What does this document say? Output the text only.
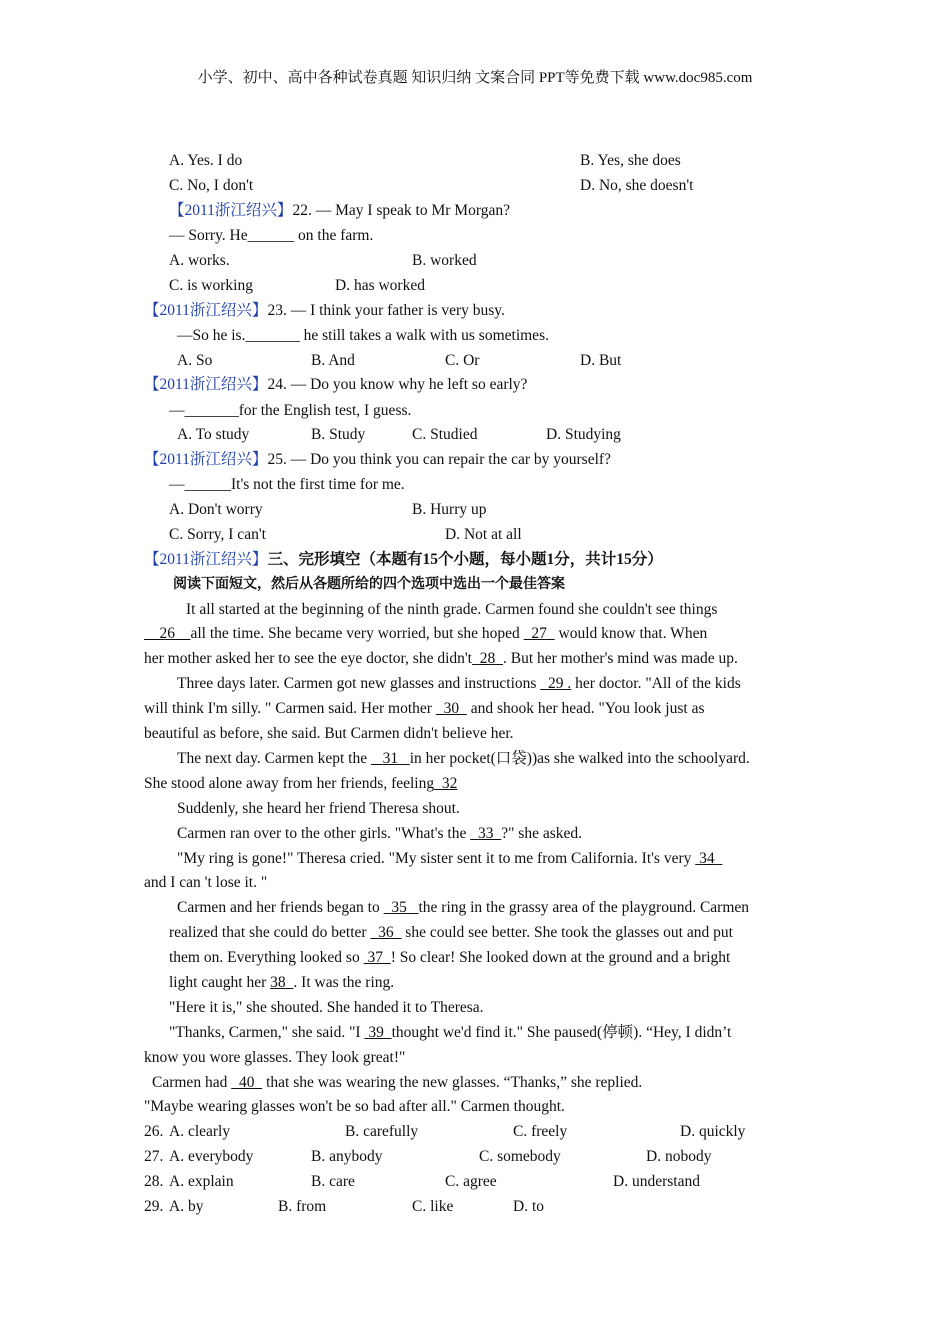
小学、初中、高中各种试卷真题 知识归纳 文案合同 PPT等免费下载 www.doc985.com
A. Yes. I do	B. Yes, she does
C. No, I don't	D. No, she doesn't
【2011浙江绍兴】22. — May I speak to Mr Morgan?
— Sorry. He______ on the farm.
A. works.	B. worked
C. is working	D. has worked
【2011浙江绍兴】23. — I think your father is very busy.
—So he is._______ he still takes a walk with us sometimes.
A. So	B. And	C. Or	D. But
【2011浙江绍兴】24. — Do you know why he left so early?
—_______for the English test, I guess.
A. To study	B. Study	C. Studied	D. Studying
【2011浙江绍兴】25. — Do you think you can repair the car by yourself?
—______It's not the first time for me.
A. Don't worry	B. Hurry up
C. Sorry, I can't	D. Not at all
【2011浙江绍兴】三、完形填空（本题有15个小题，每小题1分，共计15分）
阅读下面短文，然后从各题所给的四个选项中选出一个最佳答案
It all started at the beginning of the ninth grade. Carmen found she couldn't see things
26 all the time. She became very worried, but she hoped   27   would know that. When
her mother asked her to see the eye doctor, she didn't 28 . But her mother's mind was made up.
Three days later. Carmen got new glasses and instructions   29 . her doctor. "All of the kids
will think I'm silly. " Carmen said. Her mother   30   and shook her head. "You look just as
beautiful as before, she said. But Carmen didn't believe her.
The next day. Carmen kept the    31 in her pocket(口袋))as she walked into the schoolyard.
She stood alone away from her friends, feeling 32
Suddenly, she heard her friend Theresa shout.
Carmen ran over to the other girls. "What's the   33 ?" she asked.
"My ring is gone!" Theresa cried. "My sister sent it to me from California. It's very  34
and I can 't lose it. "
Carmen and her friends began to   35 the ring in the grassy area of the playground. Carmen
realized that she could do better   36   she could see better. She took the glasses out and put
them on. Everything looked so  37 ! So clear! She looked down at the ground and a bright
light caught her 38 . It was the ring.
"Here it is," she shouted. She handed it to Theresa.
"Thanks, Carmen," she said. "I  39 thought we'd find it." She paused(停顿). “Hey, I didn’t
know you wore glasses. They look great!"
Carmen had   40   that she was wearing the new glasses. “Thanks,” she replied.
"Maybe wearing glasses won't be so bad after all." Carmen thought.
26. A. clearly	B. carefully	C. freely	D. quickly
27. A. everybody	B. anybody	C. somebody	D. nobody
28. A. explain	B. care	C. agree	D. understand
29. A. by	B. from	C. like	D. to
